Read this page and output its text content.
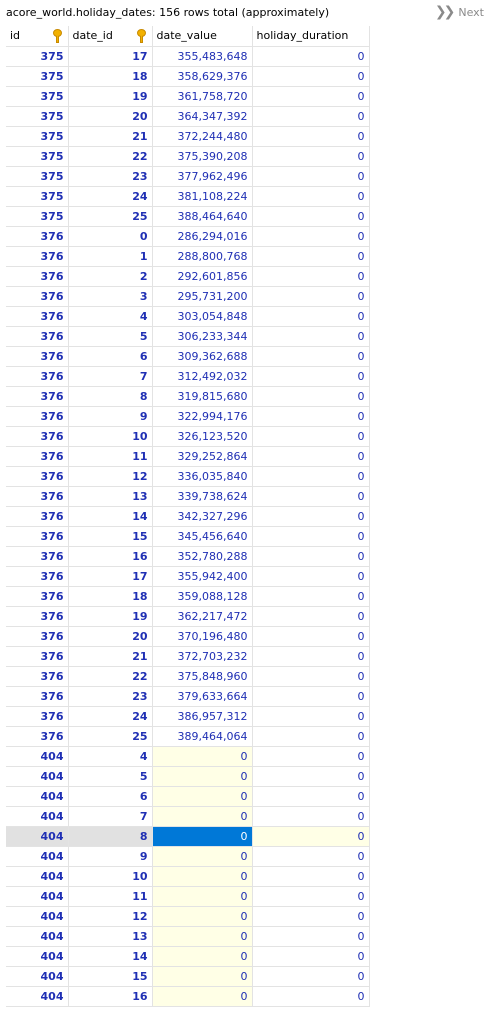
acore_world.holiday_dates: 156 rows total (approximately)	❯❯ Next
id	date_id	date_value	holiday_duration
375	17	355,483,648	0
375	18	358,629,376	0
375	19	361,758,720	0
375	20	364,347,392	0
375	21	372,244,480	0
375	22	375,390,208	0
375	23	377,962,496	0
375	24	381,108,224	0
375	25	388,464,640	0
376	0	286,294,016	0
376	1	288,800,768	0
376	2	292,601,856	0
376	3	295,731,200	0
376	4	303,054,848	0
376	5	306,233,344	0
376	6	309,362,688	0
376	7	312,492,032	0
376	8	319,815,680	0
376	9	322,994,176	0
376	10	326,123,520	0
376	11	329,252,864	0
376	12	336,035,840	0
376	13	339,738,624	0
376	14	342,327,296	0
376	15	345,456,640	0
376	16	352,780,288	0
376	17	355,942,400	0
376	18	359,088,128	0
376	19	362,217,472	0
376	20	370,196,480	0
376	21	372,703,232	0
376	22	375,848,960	0
376	23	379,633,664	0
376	24	386,957,312	0
376	25	389,464,064	0
404	4	0	0
404	5	0	0
404	6	0	0
404	7	0	0
404	8	0	0
404	9	0	0
404	10	0	0
404	11	0	0
404	12	0	0
404	13	0	0
404	14	0	0
404	15	0	0
404	16	0	0
